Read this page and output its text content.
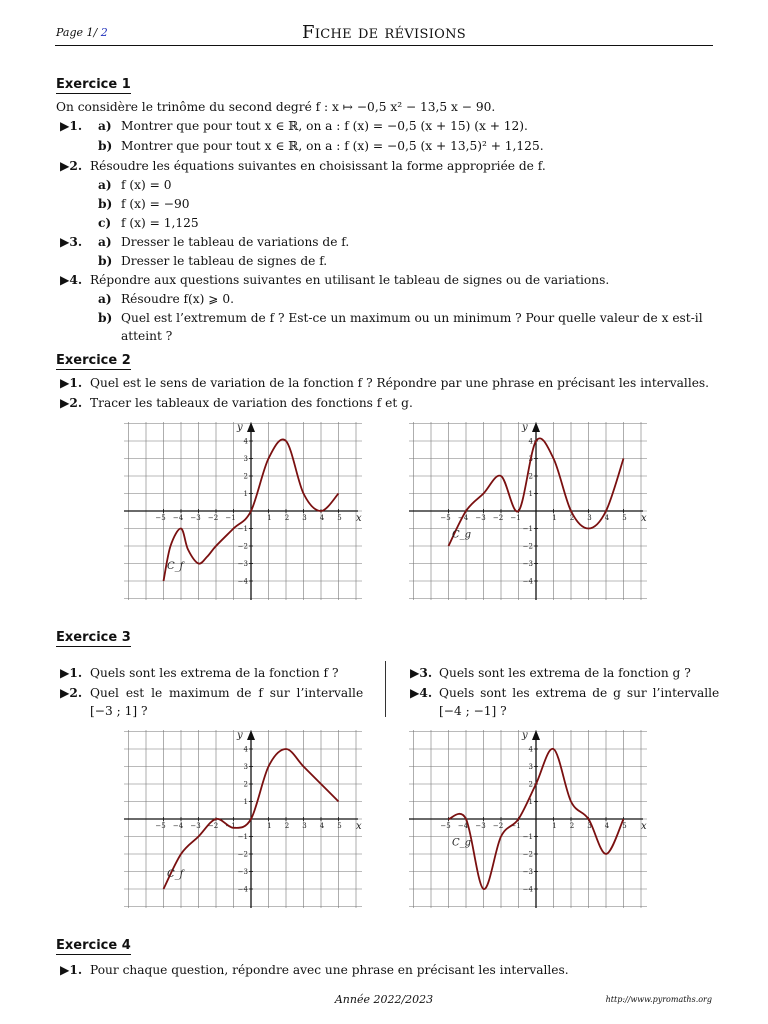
Page 1/ 2	Fiche de révisions
Exercice 1
On considère le trinôme du second degré f : x ↦ −0,5 x² − 13,5 x − 90.
▶1. a) Montrer que pour tout x ∈ ℝ, on a : f (x) = −0,5 (x + 15) (x + 12).
b) Montrer que pour tout x ∈ ℝ, on a : f (x) = −0,5 (x + 13,5)² + 1,125.
▶2. Résoudre les équations suivantes en choisissant la forme appropriée de f.
a) f (x) = 0
b) f (x) = −90
c) f (x) = 1,125
▶3. a) Dresser le tableau de variations de f.
b) Dresser le tableau de signes de f.
▶4. Répondre aux questions suivantes en utilisant le tableau de signes ou de variations.
a) Résoudre f(x) ⩾ 0.
b) Quel est l’extremum de f ? Est-ce un maximum ou un minimum ? Pour quelle valeur de x est-il
atteint ?
Exercice 2
▶1. Quel est le sens de variation de la fonction f ? Répondre par une phrase en précisant les intervalles.
▶2. Tracer les tableaux de variation des fonctions f et g.
x
y
−5 −4 −3 −2 −1	1 2 3 4 5
4
3
2
1
−1
−2
−3
−4
C_f
x
y
−5 −4 −3 −2 −1	1 2 3 4 5
4
3
2
1
−1
−2
−3
−4
C_g
Exercice 3
▶1. Quels sont les extrema de la fonction f ?
▶2. Quel est le maximum de f sur l’intervalle
[−3 ; 1] ?
▶3. Quels sont les extrema de la fonction g ?
▶4. Quels sont les extrema de g sur l’intervalle
[−4 ; −1] ?
x
y
−5 −4 −3 −2 −1	1 2 3 4 5
4
3
2
1
−1
−2
−3
−4
C_f
x
y
−5 −4 −3 −2 −1	1 2 3 4 5
4
3
2
1
−1
−2
−3
−4
C_g
Exercice 4
▶1. Pour chaque question, répondre avec une phrase en précisant les intervalles.
Année 2022/2023	http://www.pyromaths.org
